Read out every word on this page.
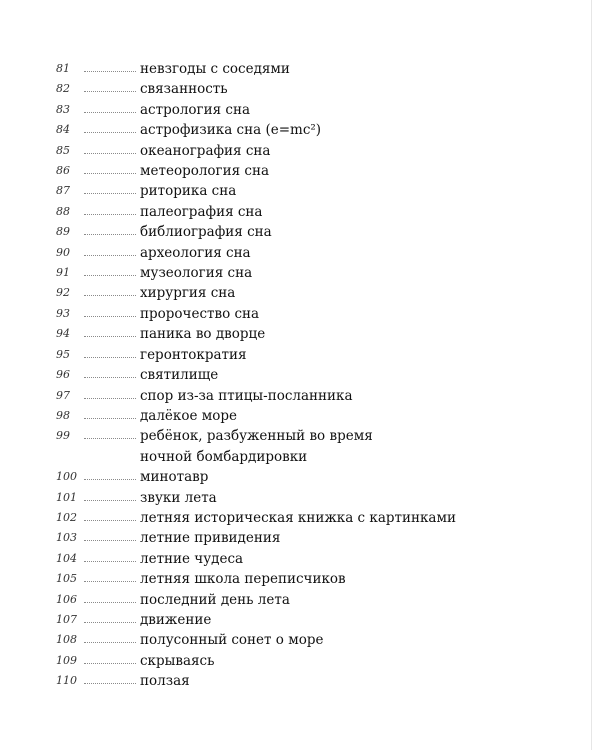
81	невзгоды с соседями
82	связанность
83	астрология сна
84	астрофизика сна (e=mc²)
85	океанография сна
86	метеорология сна
87	риторика сна
88	палеография сна
89	библиография сна
90	археология сна
91	музеология сна
92	хирургия сна
93	пророчество сна
94	паника во дворце
95	геронтократия
96	святилище
97	спор из-за птицы-посланника
98	далёкое море
99	ребёнок, разбуженный во время
ночной бомбардировки
100	минотавр
101	звуки лета
102	летняя историческая книжка с картинками
103	летние привидения
104	летние чудеса
105	летняя школа переписчиков
106	последний день лета
107	движение
108	полусонный сонет о море
109	скрываясь
110	ползая
